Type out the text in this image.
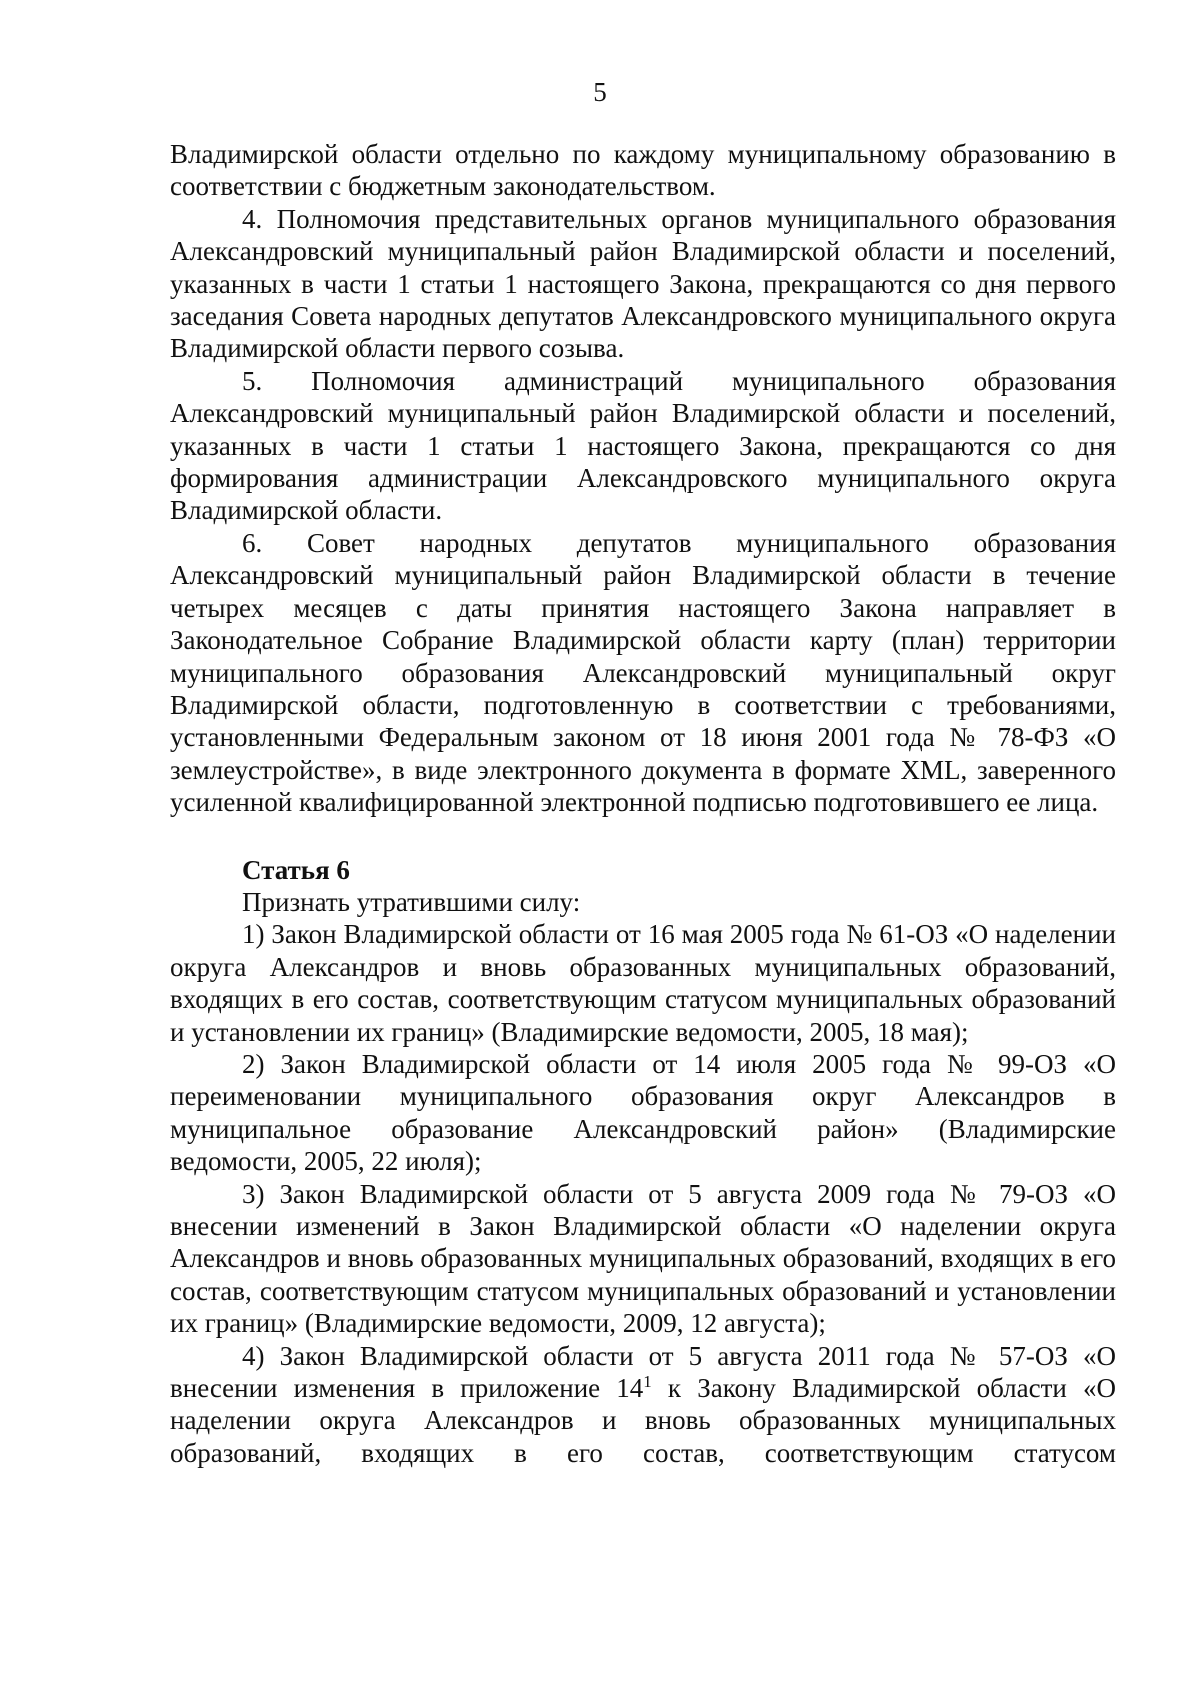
5

Владимирской области отдельно по каждому муниципальному образованию в соответствии с бюджетным законодательством.

4. Полномочия представительных органов муниципального образования Александровский муниципальный район Владимирской области и поселений, указанных в части 1 статьи 1 настоящего Закона, прекращаются со дня первого заседания Совета народных депутатов Александровского муниципального округа Владимирской области первого созыва.

5. Полномочия администраций муниципального образования Александровский муниципальный район Владимирской области и поселений, указанных в части 1 статьи 1 настоящего Закона, прекращаются со дня формирования администрации Александровского муниципального округа Владимирской области.

6. Совет народных депутатов муниципального образования Александровский муниципальный район Владимирской области в течение четырех месяцев с даты принятия настоящего Закона направляет в Законодательное Собрание Владимирской области карту (план) территории муниципального образования Александровский муниципальный округ Владимирской области, подготовленную в соответствии с требованиями, установленными Федеральным законом от 18 июня 2001 года № 78-ФЗ «О землеустройстве», в виде электронного документа в формате XML, заверенного усиленной квалифицированной электронной подписью подготовившего ее лица.

Статья 6

Признать утратившими силу:

1) Закон Владимирской области от 16 мая 2005 года № 61-ОЗ «О наделении округа Александров и вновь образованных муниципальных образований, входящих в его состав, соответствующим статусом муниципальных образований и установлении их границ» (Владимирские ведомости, 2005, 18 мая);

2) Закон Владимирской области от 14 июля 2005 года № 99-ОЗ «О переименовании муниципального образования округ Александров в муниципальное образование Александровский район» (Владимирские ведомости, 2005, 22 июля);

3) Закон Владимирской области от 5 августа 2009 года № 79-ОЗ «О внесении изменений в Закон Владимирской области «О наделении округа Александров и вновь образованных муниципальных образований, входящих в его состав, соответствующим статусом муниципальных образований и установлении их границ» (Владимирские ведомости, 2009, 12 августа);

4) Закон Владимирской области от 5 августа 2011 года № 57-ОЗ «О внесении изменения в приложение $14^1$ к Закону Владимирской области «О наделении округа Александров и вновь образованных муниципальных образований, входящих в его состав, соответствующим статусом
